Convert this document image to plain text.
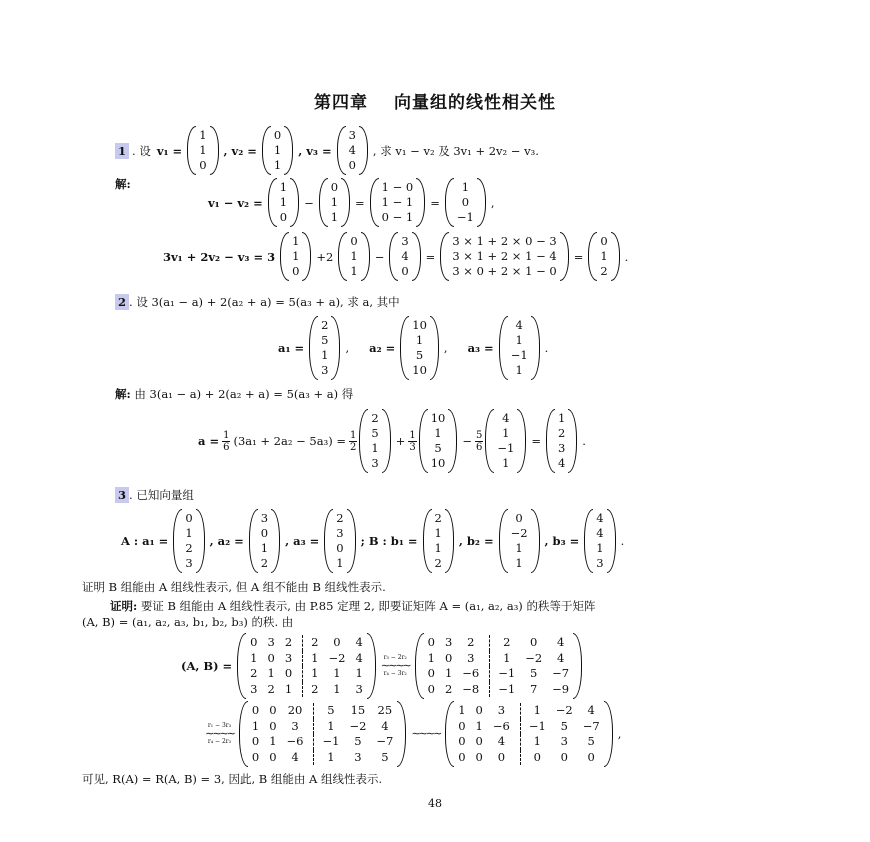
第四章 向量组的线性相关性
1 . 设 v₁ =
1
1
0
, v₂ =
0
1
1
, v₃ =
3
4
0
, 求 v₁ − v₂ 及 3v₁ + 2v₂ − v₃.
解:
v₁ − v₂ =
1
1
0
−
0
1
1
=
1 − 0
1 − 1
0 − 1
=
1
0
−1
,
3v₁ + 2v₂ − v₃ = 3
1
1
0
+2
0
1
1
−
3
4
0
=
3 × 1 + 2 × 0 − 3
3 × 1 + 2 × 1 − 4
3 × 0 + 2 × 1 − 0
=
0
1
2
.
2 . 设 3(a₁ − a) + 2(a₂ + a) = 5(a₃ + a), 求 a, 其中
a₁ =
2
5
1
3
, a₂ =
10
1
5
10
, a₃ =
4
1
−1
1
.
解: 由 3(a₁ − a) + 2(a₂ + a) = 5(a₃ + a) 得
$a = \frac{1}{6} (3a_1 + 2a_2 - 5a_3) = \frac{1}{2}$
2
5
1
3
+ $\frac{1}{3}$
10
1
5
10
− $\frac{5}{6}$
4
1
−1
1
=
1
2
3
4
.
3 . 已知向量组
A : a₁ =
0
1
2
3
, a₂ =
3
0
1
2
, a₃ =
2
3
0
1
; B : b₁ =
2
1
1
2
, b₂ =
0
−2
1
1
, b₃ =
4
4
1
3
.
证明 B 组能由 A 组线性表示, 但 A 组不能由 B 组线性表示.
证明: 要证 B 组能由 A 组线性表示, 由 P.85 定理 2, 即要证矩阵 A = (a₁, a₂, a₃) 的秩等于矩阵
(A, B) = (a₁, a₂, a₃, b₁, b₂, b₃) 的秩. 由
(A, B) =
0 3 2	2	0	4
1 0 3	1 −2 4
2 1 0	1	1	1
3 2 1	2	1	3
r₃ − 2r₂
∼∼∼∼
r₄ − 3r₂
0 3	2	2	0	4
1 0	3	1	−2	4
0 1 −6	−1	5	−7
0 2 −8	−1	7	−9
r₁ − 3r₃
∼∼∼∼
r₄ − 2r₃
0 0 20	5	15 25
1 0	3	1	−2	4
0 1 −6	−1	5	−7
0 0	4	1	3	5
∼∼∼∼
1 0	3	1	−2	4
0 1 −6	−1	5	−7
0 0	4	1	3	5
0 0	0	0	0	0
,
可见, R(A) = R(A, B) = 3, 因此, B 组能由 A 组线性表示.
48
